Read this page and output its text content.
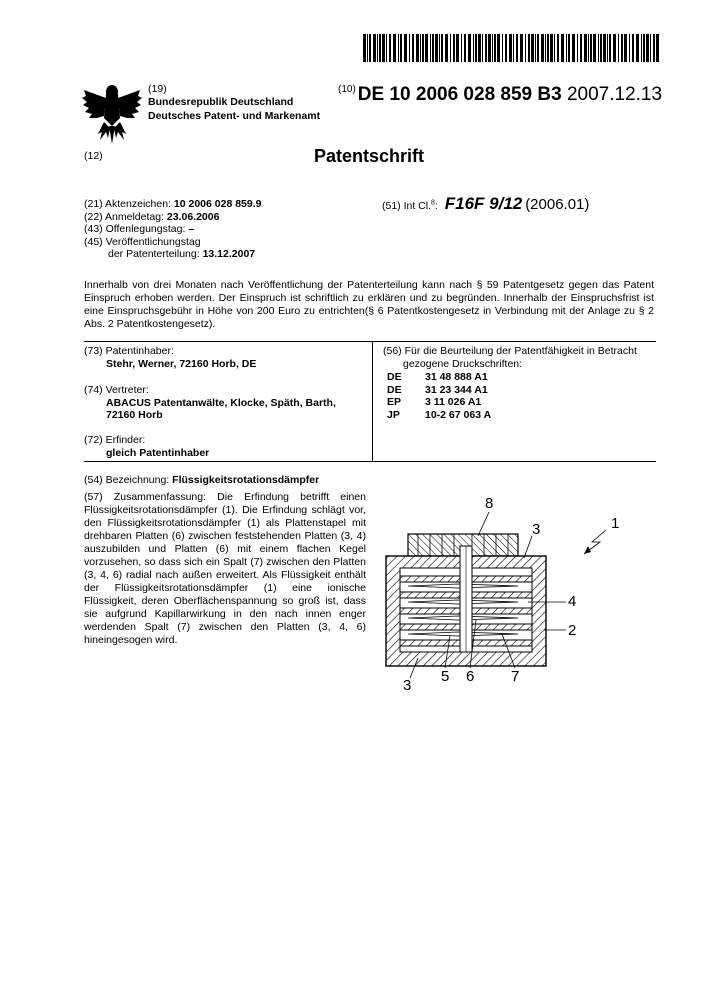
(19)
Bundesrepublik Deutschland
Deutsches Patent- und Markenamt
$^{(10)}$ DE 10 2006 028 859 B3 2007.12.13
(12)	Patentschrift
(21) Aktenzeichen: 10 2006 028 859.9
(22) Anmeldetag: 23.06.2006
(43) Offenlegungstag: –
(45) Veröffentlichungstag
der Patenterteilung: 13.12.2007
(51) Int Cl.$^8$: F16F 9/12 (2006.01)
Innerhalb von drei Monaten nach Veröffentlichung der Patenterteilung kann nach § 59 Patentgesetz gegen das Patent Einspruch erhoben werden. Der Einspruch ist schriftlich zu erklären und zu begründen. Innerhalb der Einspruchsfrist ist eine Einspruchsgebühr in Höhe von 200 Euro zu entrichten(§ 6 Patentkostengesetz in Verbindung mit der Anlage zu § 2 Abs. 2 Patentkostengesetz).
(73) Patentinhaber:
Stehr, Werner, 72160 Horb, DE
(74) Vertreter:
ABACUS Patentanwälte, Klocke, Späth, Barth,
72160 Horb
(72) Erfinder:
gleich Patentinhaber
(56) Für die Beurteilung der Patentfähigkeit in Betracht
gezogene Druckschriften:
DE	31 48 888 A1
DE	31 23 344 A1
EP	3 11 026 A1
JP	10-2 67 063 A
(54) Bezeichnung: Flüssigkeitsrotationsdämpfer
(57) Zusammenfassung: Die Erfindung betrifft einen Flüssigkeitsrotationsdämpfer (1). Die Erfindung schlägt vor, den Flüssigkeitsrotationsdämpfer (1) als Plattenstapel mit drehbaren Platten (6) zwischen feststehenden Platten (3, 4) auszubilden und Platten (6) mit einem flachen Kegel vorzusehen, so dass sich ein Spalt (7) zwischen den Platten (3, 4, 6) radial nach außen erweitert. Als Flüssigkeit enthält der Flüssigkeitsrotationsdämpfer (1) eine ionische Flüssigkeit, deren Oberflächenspannung so groß ist, dass sie aufgrund Kapillarwirkung in den nach innen enger werdenden Spalt (7) zwischen den Platten (3, 4, 6) hineingesogen wird.
8
3	1
4
2
3
5 6 7
